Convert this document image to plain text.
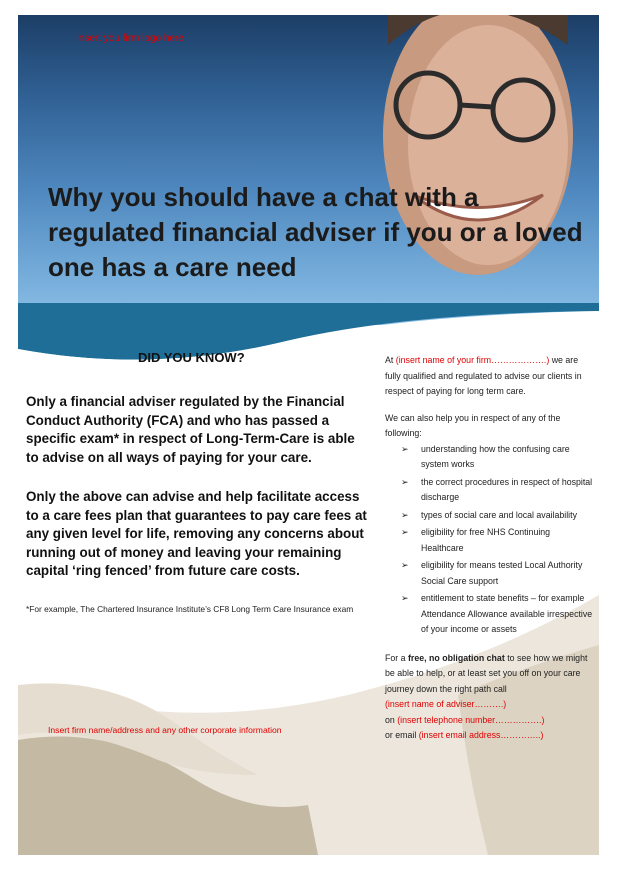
Insert you firm logo here
Why you should have a chat with a regulated financial adviser if you or a loved one has a care need
DID YOU KNOW?

Only a financial adviser regulated by the Financial Conduct Authority (FCA) and who has passed a specific exam* in respect of Long-Term-Care is able to advise on all ways of paying for your care.

Only the above can advise and help facilitate access to a care fees plan that guarantees to pay care fees at any given level for life, removing any concerns about running out of money and leaving your remaining capital ‘ring fenced’ from future care costs.

*For example, The Chartered Insurance Institute’s CF8 Long Term Care Insurance exam

Insert firm name/address and any other corporate information

At (insert name of your firm……………….) we are fully qualified and regulated to advise our clients in respect of paying for long term care.

We can also help you in respect of any of the following:

➢ understanding how the confusing care system works
➢ the correct procedures in respect of hospital discharge
➢ types of social care and local availability
➢ eligibility for free NHS Continuing Healthcare
➢ eligibility for means tested Local Authority Social Care support
➢ entitlement to state benefits – for example Attendance Allowance available irrespective of your income or assets

For a free, no obligation chat to see how we might be able to help, or at least set you off on your care journey down the right path call

(insert name of adviser……….)

on (insert telephone number…………….)

or email (insert email address…………..)
